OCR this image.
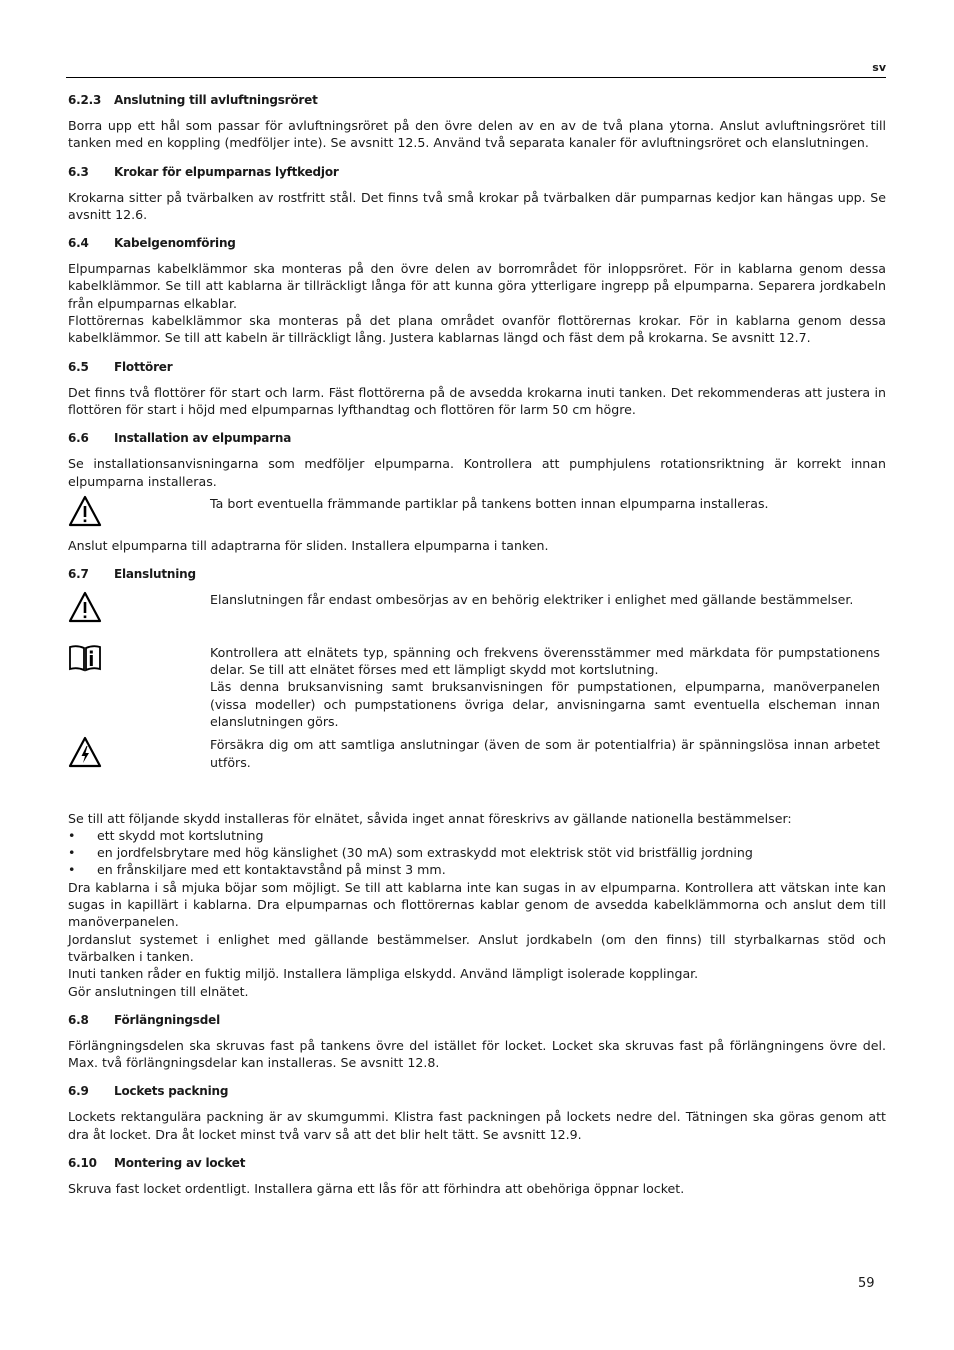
sv
6.2.3 Anslutning till avluftningsröret

Borra upp ett hål som passar för avluftningsröret på den övre delen av en av de två plana ytorna. Anslut avluftningsröret till tanken med en koppling (medföljer inte). Se avsnitt 12.5. Använd två separata kanaler för avluftningsröret och elanslutningen.

6.3 Krokar för elpumparnas lyftkedjor

Krokarna sitter på tvärbalken av rostfritt stål. Det finns två små krokar på tvärbalken där pumparnas kedjor kan hängas upp. Se avsnitt 12.6.

6.4 Kabelgenomföring

Elpumparnas kabelklämmor ska monteras på den övre delen av borrområdet för inloppsröret. För in kablarna genom dessa kabelklämmor. Se till att kablarna är tillräckligt långa för att kunna göra ytterligare ingrepp på elpumparna. Separera jordkabeln från elpumparnas elkablar.

Flottörernas kabelklämmor ska monteras på det plana området ovanför flottörernas krokar. För in kablarna genom dessa kabelklämmor. Se till att kabeln är tillräckligt lång. Justera kablarnas längd och fäst dem på krokarna. Se avsnitt 12.7.

6.5 Flottörer

Det finns två flottörer för start och larm. Fäst flottörerna på de avsedda krokarna inuti tanken. Det rekommenderas att justera in flottören för start i höjd med elpumparnas lyfthandtag och flottören för larm 50 cm högre.

6.6 Installation av elpumparna

Se installationsanvisningarna som medföljer elpumparna. Kontrollera att pumphjulens rotationsriktning är korrekt innan elpumparna installeras.

Ta bort eventuella främmande partiklar på tankens botten innan elpumparna installeras.

Anslut elpumparna till adaptrarna för sliden. Installera elpumparna i tanken.

6.7 Elanslutning
Elanslutningen får endast ombesörjas av en behörig elektriker i enlighet med gällande bestämmelser.

Kontrollera att elnätets typ, spänning och frekvens överensstämmer med märkdata för pumpstationens delar. Se till att elnätet förses med ett lämpligt skydd mot kortslutning.

Läs denna bruksanvisning samt bruksanvisningen för pumpstationen, elpumparna, manöverpanelen (vissa modeller) och pumpstationens övriga delar, anvisningarna samt eventuella elscheman innan elanslutningen görs.

Försäkra dig om att samtliga anslutningar (även de som är potentialfria) är spänningslösa innan arbetet utförs.

Se till att följande skydd installeras för elnätet, såvida inget annat föreskrivs av gällande nationella bestämmelser:

• ett skydd mot kortslutning
• en jordfelsbrytare med hög känslighet (30 mA) som extraskydd mot elektrisk stöt vid bristfällig jordning
• en frånskiljare med ett kontaktavstånd på minst 3 mm.

Dra kablarna i så mjuka böjar som möjligt. Se till att kablarna inte kan sugas in av elpumparna. Kontrollera att vätskan inte kan sugas in kapillärt i kablarna. Dra elpumparnas och flottörernas kablar genom de avsedda kabelklämmorna och anslut dem till manöverpanelen.

Jordanslut systemet i enlighet med gällande bestämmelser. Anslut jordkabeln (om den finns) till styrbalkarnas stöd och tvärbalken i tanken.

Inuti tanken råder en fuktig miljö. Installera lämpliga elskydd. Använd lämpligt isolerade kopplingar.

Gör anslutningen till elnätet.

6.8 Förlängningsdel

Förlängningsdelen ska skruvas fast på tankens övre del istället för locket. Locket ska skruvas fast på förlängningens övre del. Max. två förlängningsdelar kan installeras. Se avsnitt 12.8.

6.9 Lockets packning

Lockets rektangulära packning är av skumgummi. Klistra fast packningen på lockets nedre del. Tätningen ska göras genom att dra åt locket. Dra åt locket minst två varv så att det blir helt tätt. Se avsnitt 12.9.

6.10 Montering av locket

Skruva fast locket ordentligt. Installera gärna ett lås för att förhindra att obehöriga öppnar locket.

59
